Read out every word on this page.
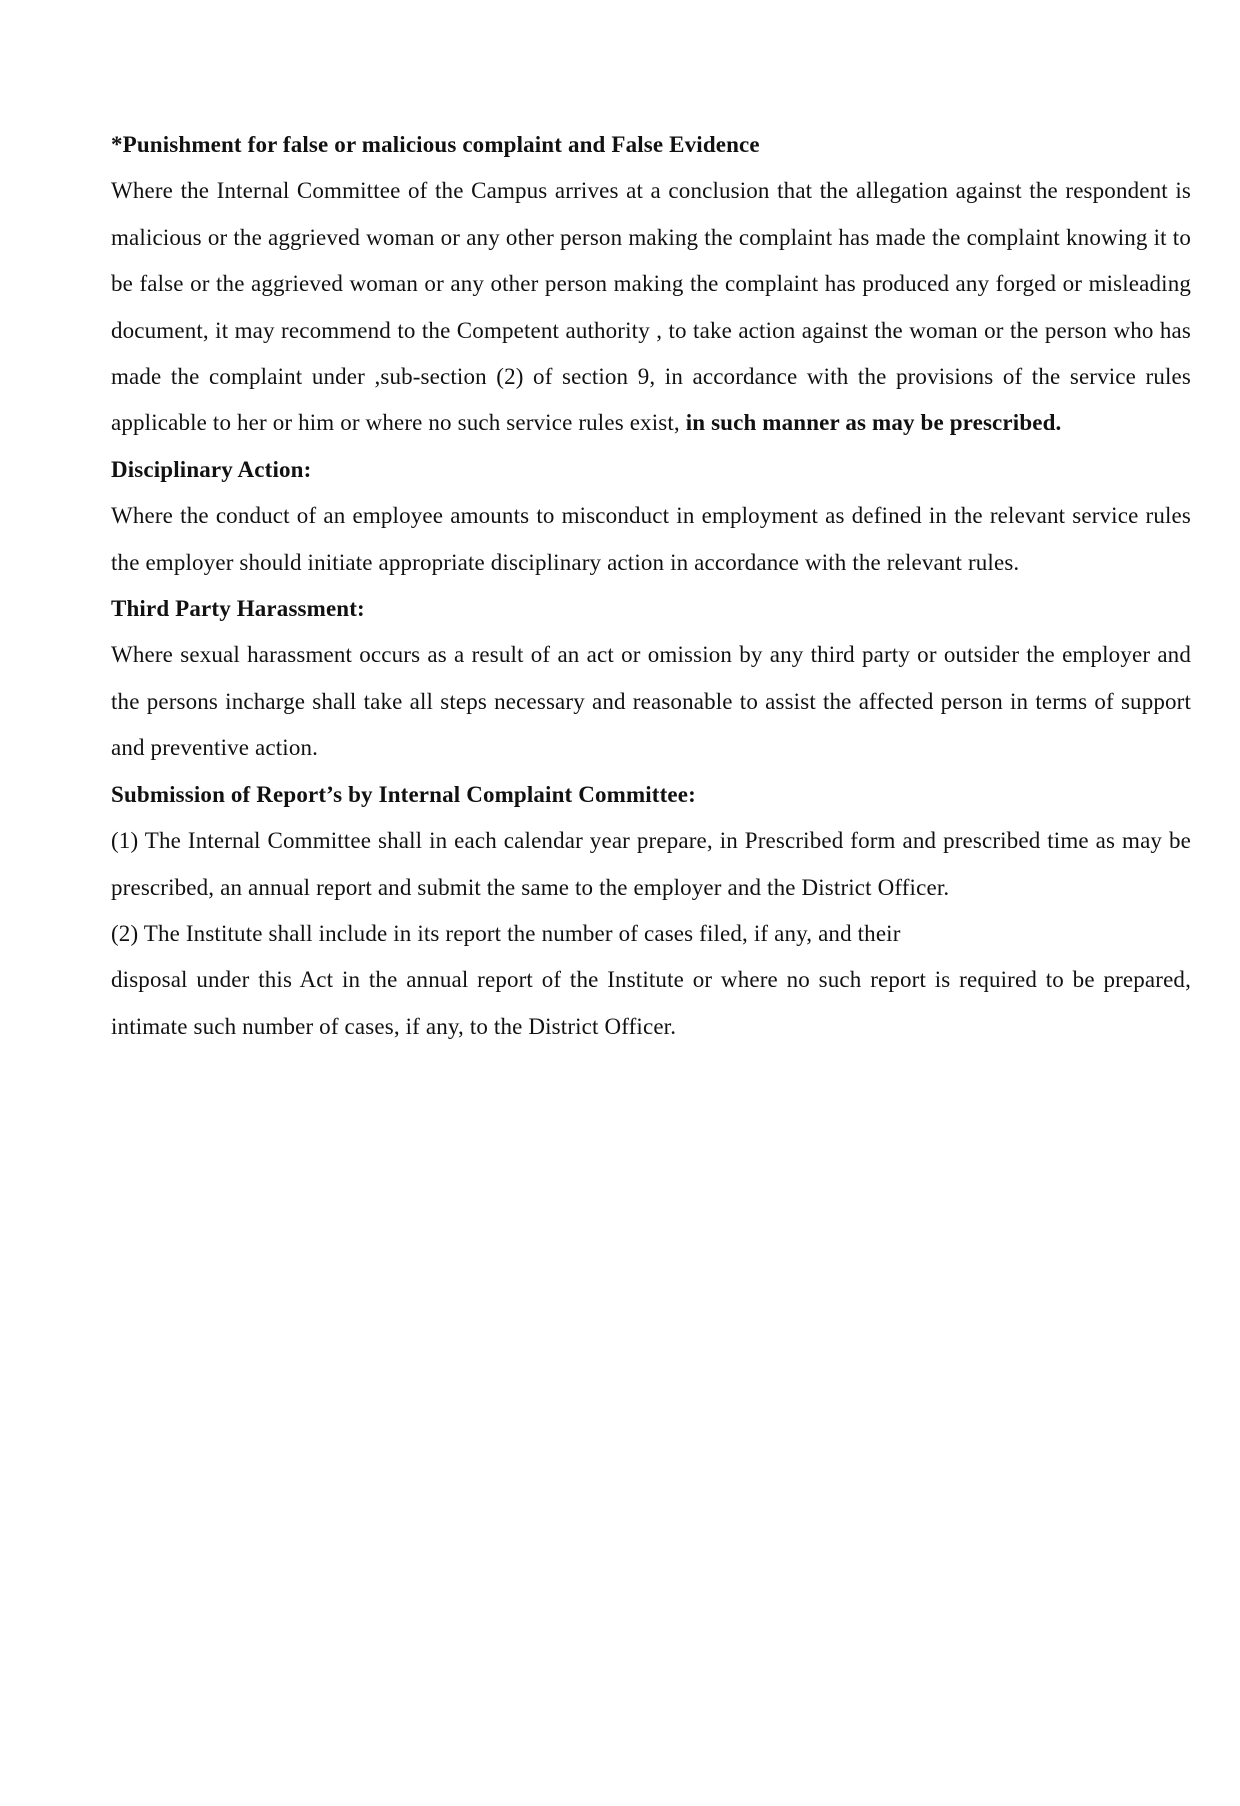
*Punishment for false or malicious complaint and False Evidence

Where the Internal Committee of the Campus arrives at a conclusion that the allegation against the respondent is malicious or the aggrieved woman or any other person making the complaint has made the complaint knowing it to be false or the aggrieved woman or any other person making the complaint has produced any forged or misleading document, it may recommend to the Competent authority , to take action against the woman or the person who has made the complaint under ,sub-section (2) of section 9, in accordance with the provisions of the service rules applicable to her or him or where no such service rules exist, in such manner as may be prescribed.

Disciplinary Action:

Where the conduct of an employee amounts to misconduct in employment as defined in the relevant service rules the employer should initiate appropriate disciplinary action in accordance with the relevant rules.

Third Party Harassment:

Where sexual harassment occurs as a result of an act or omission by any third party or outsider the employer and the persons incharge shall take all steps necessary and reasonable to assist the affected person in terms of support and preventive action.

Submission of Report’s by Internal Complaint Committee:

(1) The Internal Committee shall in each calendar year prepare, in Prescribed form and prescribed time as may be prescribed, an annual report and submit the same to the employer and the District Officer.

(2) The Institute shall include in its report the number of cases filed, if any, and their

disposal under this Act in the annual report of the Institute or where no such report is required to be prepared, intimate such number of cases, if any, to the District Officer.
